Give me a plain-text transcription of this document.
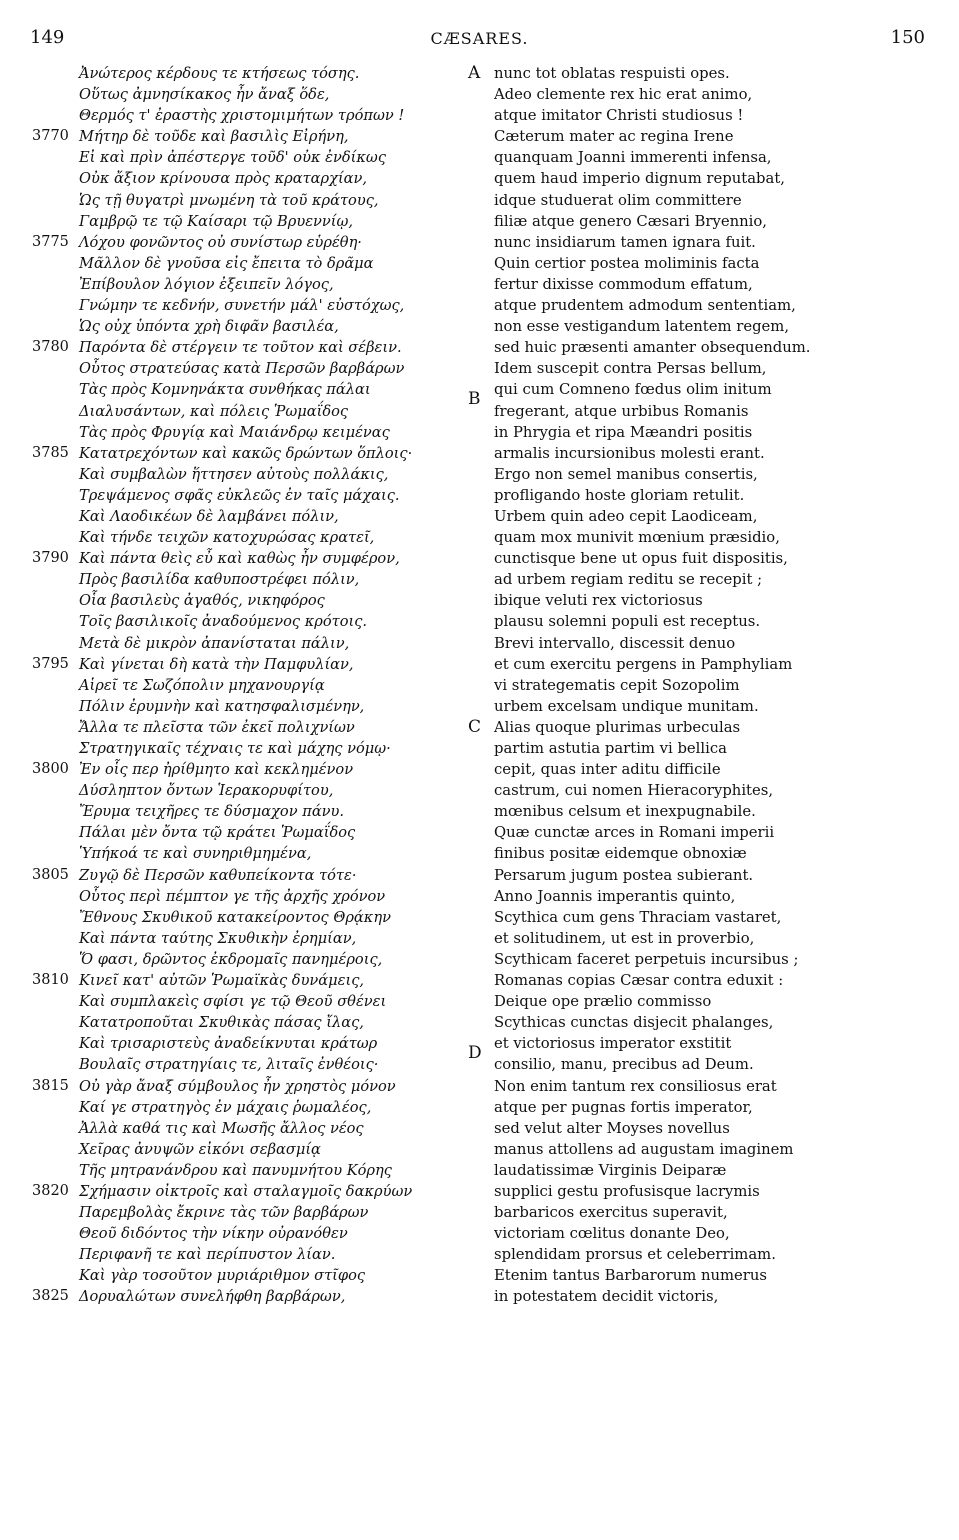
149	CÆSARES.	150
Ἀνώτερος κέρδους τε κτήσεως τόσης.
Οὕτως ἀμνησίκακος ἦν ἄναξ ὅδε,
Θερμός τ' ἐραστὴς χριστομιμήτων τρόπων !
3770 Μήτηρ δὲ τοῦδε καὶ βασιλὶς Εἰρήνη,
Εἰ καὶ πρὶν ἀπέστεργε τοῦδ' οὐκ ἐνδίκως
Οὐκ ἄξιον κρίνουσα πρὸς κραταρχίαν,
Ὡς τῇ θυγατρὶ μνωμένη τὰ τοῦ κράτους,
Γαμβρῷ τε τῷ Καίσαρι τῷ Βρυεννίῳ,
3775 Λόχου φονῶντος οὐ συνίστωρ εὑρέθη·
Μᾶλλον δὲ γνοῦσα εἰς ἔπειτα τὸ δρᾶμα
Ἐπίβουλον λόγιον ἐξειπεῖν λόγος,
Γνώμην τε κεδνήν, συνετήν μάλ' εὐστόχως,
Ὡς οὐχ ὑπόντα χρὴ διφᾶν βασιλέα,
3780 Παρόντα δὲ στέργειν τε τοῦτον καὶ σέβειν.
Οὗτος στρατεύσας κατὰ Περσῶν βαρβάρων
Τὰς πρὸς Κομνηνάκτα συνθήκας πάλαι
Διαλυσάντων, καὶ πόλεις Ῥωμαΐδος
Τὰς πρὸς Φρυγίᾳ καὶ Μαιάνδρῳ κειμένας
3785 Κατατρεχόντων καὶ κακῶς δρώντων ὅπλοις·
Καὶ συμβαλὼν ἥττησεν αὐτοὺς πολλάκις,
Τρεψάμενος σφᾶς εὐκλεῶς ἐν ταῖς μάχαις.
Καὶ Λαοδικέων δὲ λαμβάνει πόλιν,
Καὶ τήνδε τειχῶν κατοχυρώσας κρατεῖ,
3790 Καὶ πάντα θεὶς εὖ καὶ καθὼς ἦν συμφέρον,
Πρὸς βασιλίδα καθυποστρέφει πόλιν,
Οἷα βασιλεὺς ἀγαθός, νικηφόρος
Τοῖς βασιλικοῖς ἀναδούμενος κρότοις.
Μετὰ δὲ μικρὸν ἀπανίσταται πάλιν,
3795 Καὶ γίνεται δὴ κατὰ τὴν Παμφυλίαν,
Αἱρεῖ τε Σωζόπολιν μηχανουργίᾳ
Πόλιν ἐρυμνὴν καὶ κατησφαλισμένην,
Ἄλλα τε πλεῖστα τῶν ἐκεῖ πολιχνίων
Στρατηγικαῖς τέχναις τε καὶ μάχης νόμῳ·
3800 Ἐν οἷς περ ἠρίθμητο καὶ κεκλημένον
Δύσληπτον ὄντων Ἱερακορυφίτου,
Ἔρυμα τειχῆρες τε δύσμαχον πάνυ.
Πάλαι μὲν ὄντα τῷ κράτει Ῥωμαΐδος
Ὑπήκοά τε καὶ συνηριθμημένα,
3805 Ζυγῷ δὲ Περσῶν καθυπείκοντα τότε·
Οὗτος περὶ πέμπτον γε τῆς ἀρχῆς χρόνον
Ἔθνους Σκυθικοῦ κατακείροντος Θρᾴκην
Καὶ πάντα ταύτης Σκυθικὴν ἐρημίαν,
Ὅ φασι, δρῶντος ἐκδρομαῖς πανημέροις,
3810 Κινεῖ κατ' αὐτῶν Ῥωμαϊκὰς δυνάμεις,
Καὶ συμπλακεὶς σφίσι γε τῷ Θεοῦ σθένει
Κατατροποῦται Σκυθικὰς πάσας ἴλας,
Καὶ τρισαριστεὺς ἀναδείκνυται κράτωρ
Βουλαῖς στρατηγίαις τε, λιταῖς ἐνθέοις·
3815 Οὐ γὰρ ἄναξ σύμβουλος ἦν χρηστὸς μόνον
Καί γε στρατηγὸς ἐν μάχαις ῥωμαλέος,
Ἀλλὰ καθά τις καὶ Μωσῆς ἄλλος νέος
Χεῖρας ἀνυψῶν εἰκόνι σεβασμίᾳ
Τῆς μητρανάνδρου καὶ πανυμνήτου Κόρης
3820 Σχήμασιν οἰκτροῖς καὶ σταλαγμοῖς δακρύων
Παρεμβολὰς ἔκρινε τὰς τῶν βαρβάρων
Θεοῦ διδόντος τὴν νίκην οὐρανόθεν
Περιφανῆ τε καὶ περίπυστον λίαν.
Καὶ γὰρ τοσοῦτον μυριάριθμον στῖφος
3825 Δορυαλώτων συνελήφθη βαρβάρων,
A nunc tot oblatas respuisti opes.
Adeo clemente rex hic erat animo,
atque imitator Christi studiosus !
Cæterum mater ac regina Irene
quanquam Joanni immerenti infensa,
quem haud imperio dignum reputabat,
idque studuerat olim committere
filiæ atque genero Cæsari Bryennio,
nunc insidiarum tamen ignara fuit.
Quin certior postea moliminis facta
fertur dixisse commodum effatum,
atque prudentem admodum sententiam,
non esse vestigandum latentem regem,
sed huic præsenti amanter obsequendum.
Idem suscepit contra Persas bellum,
B qui cum Comneno fœdus olim initum
fregerant, atque urbibus Romanis
in Phrygia et ripa Mæandri positis
armalis incursionibus molesti erant.
Ergo non semel manibus consertis,
profligando hoste gloriam retulit.
Urbem quin adeo cepit Laodiceam,
quam mox munivit mœnium præsidio,
cunctisque bene ut opus fuit dispositis,
ad urbem regiam reditu se recepit ;
ibique veluti rex victoriosus
plausu solemni populi est receptus.
Brevi intervallo, discessit denuo
et cum exercitu pergens in Pamphyliam
vi strategematis cepit Sozopolim
urbem excelsam undique munitam.
C Alias quoque plurimas urbeculas
partim astutia partim vi bellica
cepit, quas inter aditu difficile
castrum, cui nomen Hieracoryphites,
mœnibus celsum et inexpugnabile.
Quæ cunctæ arces in Romani imperii
finibus positæ eidemque obnoxiæ
Persarum jugum postea subierant.
Anno Joannis imperantis quinto,
Scythica cum gens Thraciam vastaret,
et solitudinem, ut est in proverbio,
Scythicam faceret perpetuis incursibus ;
Romanas copias Cæsar contra eduxit :
Deique ope prælio commisso
Scythicas cunctas disjecit phalanges,
D et victoriosus imperator exstitit
consilio, manu, precibus ad Deum.
Non enim tantum rex consiliosus erat
atque per pugnas fortis imperator,
sed velut alter Moyses novellus
manus attollens ad augustam imaginem
laudatissimæ Virginis Deiparæ
supplici gestu profusisque lacrymis
barbaricos exercitus superavit,
victoriam cœlitus donante Deo,
splendidam prorsus et celeberrimam.
Etenim tantus Barbarorum numerus
in potestatem decidit victoris,
